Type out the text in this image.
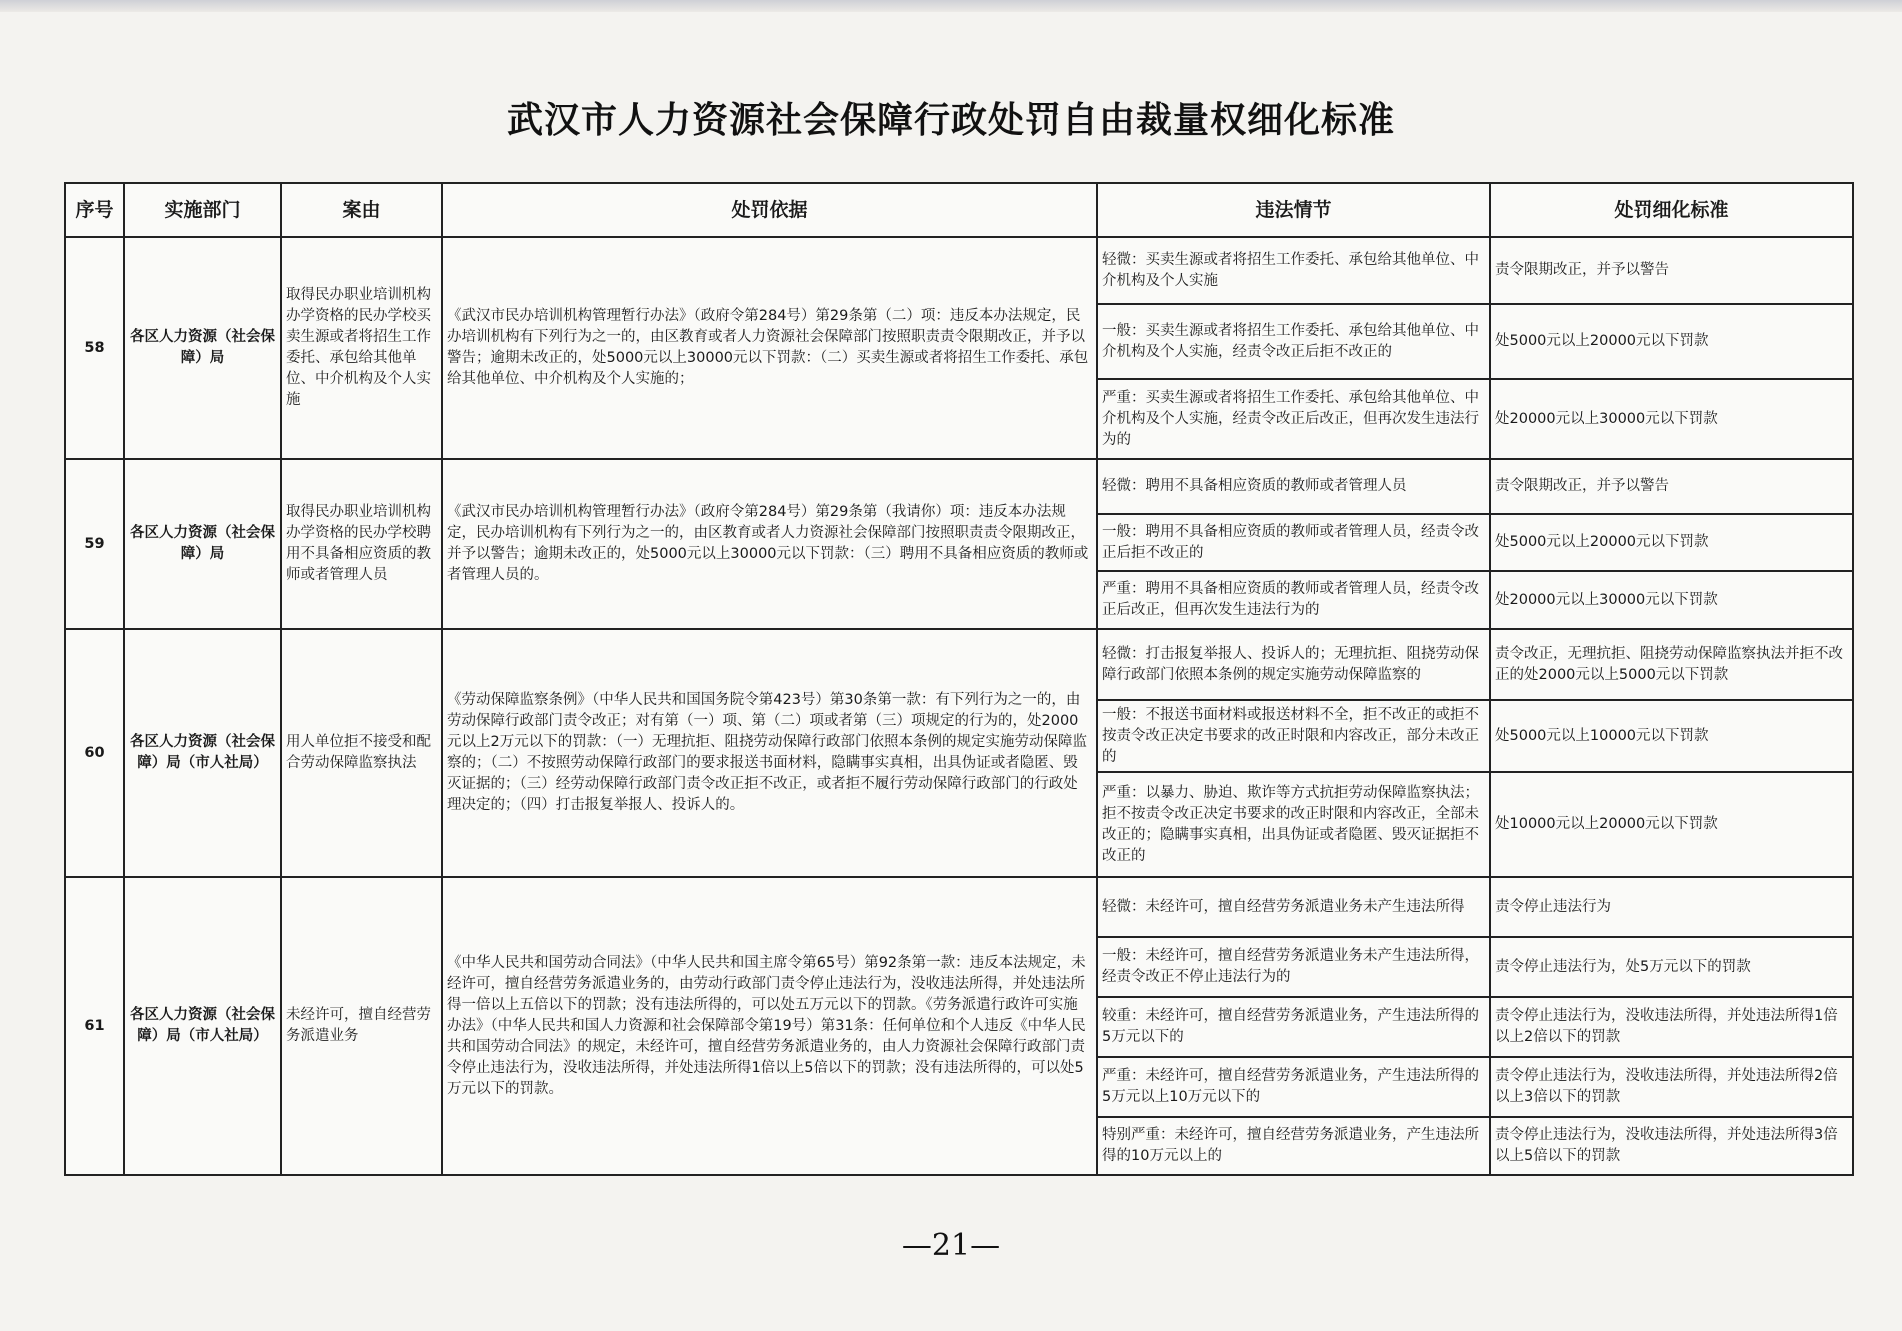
武汉市人力资源社会保障行政处罚自由裁量权细化标准
序号	实施部门	案由	处罚依据	违法情节	处罚细化标准
58	各区人力资源（社会保障）局	取得民办职业培训机构办学资格的民办学校买卖生源或者将招生工作委托、承包给其他单位、中介机构及个人实施	《武汉市民办培训机构管理暂行办法》（政府令第284号）第29条第（二）项：违反本办法规定，民办培训机构有下列行为之一的，由区教育或者人力资源社会保障部门按照职责责令限期改正，并予以警告；逾期未改正的，处5000元以上30000元以下罚款：（二）买卖生源或者将招生工作委托、承包给其他单位、中介机构及个人实施的；	轻微：买卖生源或者将招生工作委托、承包给其他单位、中介机构及个人实施	责令限期改正，并予以警告
				一般：买卖生源或者将招生工作委托、承包给其他单位、中介机构及个人实施，经责令改正后拒不改正的	处5000元以上20000元以下罚款
				严重：买卖生源或者将招生工作委托、承包给其他单位、中介机构及个人实施，经责令改正后改正，但再次发生违法行为的	处20000元以上30000元以下罚款
59	各区人力资源（社会保障）局	取得民办职业培训机构办学资格的民办学校聘用不具备相应资质的教师或者管理人员	《武汉市民办培训机构管理暂行办法》（政府令第284号）第29条第（我请你）项：违反本办法规定，民办培训机构有下列行为之一的，由区教育或者人力资源社会保障部门按照职责责令限期改正，并予以警告；逾期未改正的，处5000元以上30000元以下罚款：（三）聘用不具备相应资质的教师或者管理人员的。	轻微：聘用不具备相应资质的教师或者管理人员	责令限期改正，并予以警告
				一般：聘用不具备相应资质的教师或者管理人员，经责令改正后拒不改正的	处5000元以上20000元以下罚款
				严重：聘用不具备相应资质的教师或者管理人员，经责令改正后改正，但再次发生违法行为的	处20000元以上30000元以下罚款
60	各区人力资源（社会保障）局（市人社局）	用人单位拒不接受和配合劳动保障监察执法	《劳动保障监察条例》（中华人民共和国国务院令第423号）第30条第一款：有下列行为之一的，由劳动保障行政部门责令改正；对有第（一）项、第（二）项或者第（三）项规定的行为的，处2000元以上2万元以下的罚款：（一）无理抗拒、阻挠劳动保障行政部门依照本条例的规定实施劳动保障监察的；（二）不按照劳动保障行政部门的要求报送书面材料，隐瞒事实真相，出具伪证或者隐匿、毁灭证据的；（三）经劳动保障行政部门责令改正拒不改正，或者拒不履行劳动保障行政部门的行政处理决定的；（四）打击报复举报人、投诉人的。	轻微：打击报复举报人、投诉人的；无理抗拒、阻挠劳动保障行政部门依照本条例的规定实施劳动保障监察的	责令改正，无理抗拒、阻挠劳动保障监察执法并拒不改正的处2000元以上5000元以下罚款
				一般：不报送书面材料或报送材料不全，拒不改正的或拒不按责令改正决定书要求的改正时限和内容改正，部分未改正的	处5000元以上10000元以下罚款
				严重：以暴力、胁迫、欺诈等方式抗拒劳动保障监察执法；拒不按责令改正决定书要求的改正时限和内容改正，全部未改正的；隐瞒事实真相，出具伪证或者隐匿、毁灭证据拒不改正的	处10000元以上20000元以下罚款
61	各区人力资源（社会保障）局（市人社局）	未经许可，擅自经营劳务派遣业务	《中华人民共和国劳动合同法》（中华人民共和国主席令第65号）第92条第一款：违反本法规定，未经许可，擅自经营劳务派遣业务的，由劳动行政部门责令停止违法行为，没收违法所得，并处违法所得一倍以上五倍以下的罚款；没有违法所得的，可以处五万元以下的罚款。《劳务派遣行政许可实施办法》（中华人民共和国人力资源和社会保障部令第19号）第31条：任何单位和个人违反《中华人民共和国劳动合同法》的规定，未经许可，擅自经营劳务派遣业务的，由人力资源社会保障行政部门责令停止违法行为，没收违法所得，并处违法所得1倍以上5倍以下的罚款；没有违法所得的，可以处5万元以下的罚款。	轻微：未经许可，擅自经营劳务派遣业务未产生违法所得	责令停止违法行为
				一般：未经许可，擅自经营劳务派遣业务未产生违法所得，经责令改正不停止违法行为的	责令停止违法行为，处5万元以下的罚款
				较重：未经许可，擅自经营劳务派遣业务，产生违法所得的5万元以下的	责令停止违法行为，没收违法所得，并处违法所得1倍以上2倍以下的罚款
				严重：未经许可，擅自经营劳务派遣业务，产生违法所得的5万元以上10万元以下的	责令停止违法行为，没收违法所得，并处违法所得2倍以上3倍以下的罚款
				特别严重：未经许可，擅自经营劳务派遣业务，产生违法所得的10万元以上的	责令停止违法行为，没收违法所得，并处违法所得3倍以上5倍以下的罚款
—21—
